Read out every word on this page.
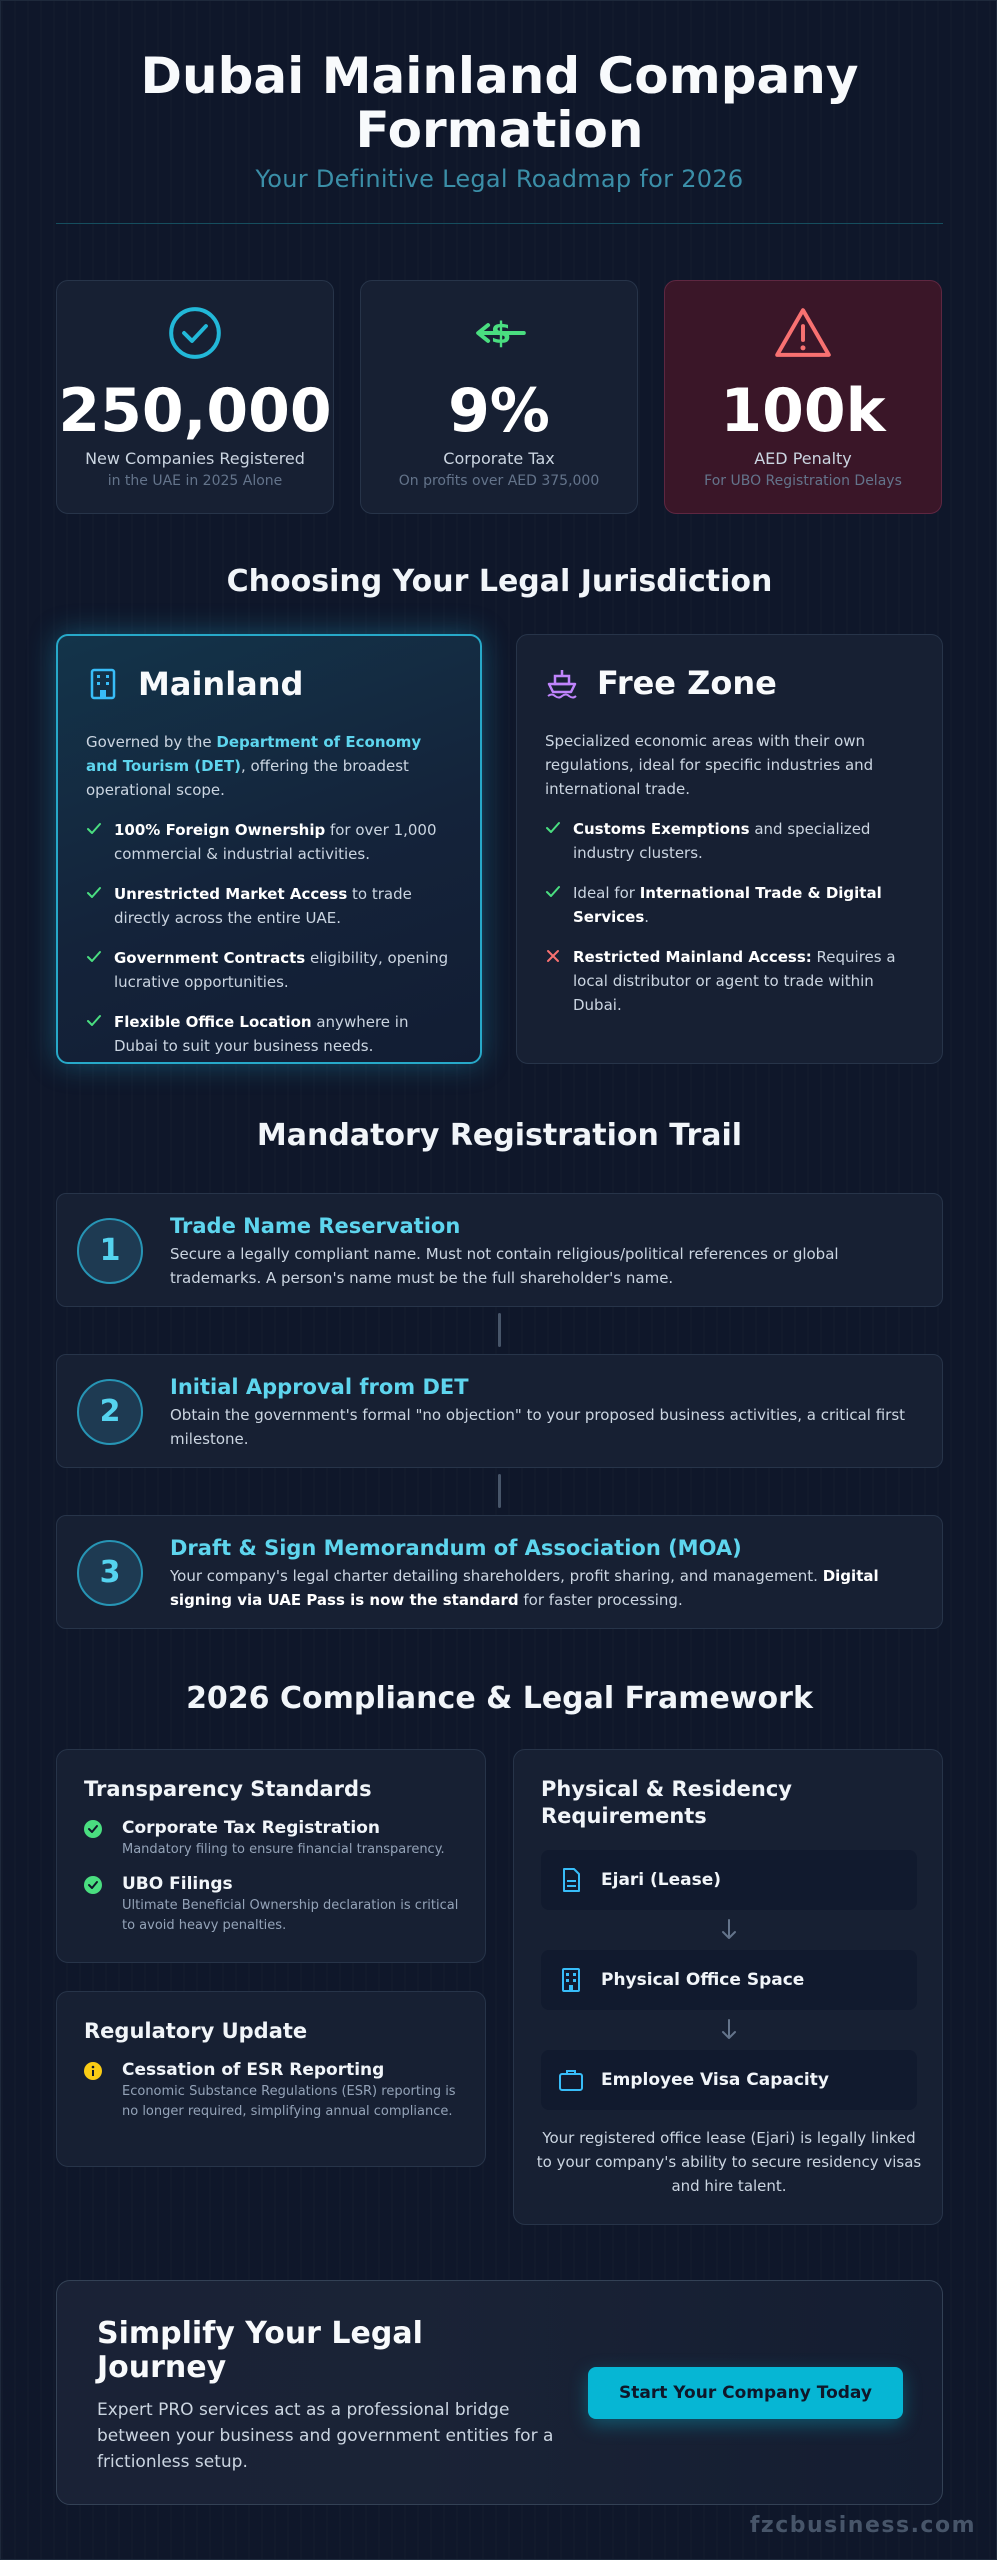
Dubai Mainland Company Formation
Your Definitive Legal Roadmap for 2026
250,000
New Companies Registered
in the UAE in 2025 Alone
$
9%
Corporate Tax
On profits over AED 375,000
100k
AED Penalty
For UBO Registration Delays
Choosing Your Legal Jurisdiction
Mainland
Governed by the Department of Economy and Tourism (DET), offering the broadest operational scope.
100% Foreign Ownership for over 1,000 commercial & industrial activities.
Unrestricted Market Access to trade directly across the entire UAE.
Government Contracts eligibility, opening lucrative opportunities.
Flexible Office Location anywhere in Dubai to suit your business needs.
Free Zone
Specialized economic areas with their own regulations, ideal for specific industries and international trade.
Customs Exemptions and specialized industry clusters.
Ideal for International Trade & Digital Services.
Restricted Mainland Access: Requires a local distributor or agent to trade within Dubai.
Mandatory Registration Trail
1
Trade Name Reservation
Secure a legally compliant name. Must not contain religious/political references or global trademarks. A person's name must be the full shareholder's name.
2
Initial Approval from DET
Obtain the government's formal "no objection" to your proposed business activities, a critical first milestone.
3
Draft & Sign Memorandum of Association (MOA)
Your company's legal charter detailing shareholders, profit sharing, and management. Digital signing via UAE Pass is now the standard for faster processing.
2026 Compliance & Legal Framework
Transparency Standards
Corporate Tax Registration
Mandatory filing to ensure financial transparency.
UBO Filings
Ultimate Beneficial Ownership declaration is critical to avoid heavy penalties.
Regulatory Update
Cessation of ESR Reporting
Economic Substance Regulations (ESR) reporting is no longer required, simplifying annual compliance.
Physical & Residency Requirements
Ejari (Lease)
Physical Office Space
Employee Visa Capacity
Your registered office lease (Ejari) is legally linked to your company's ability to secure residency visas and hire talent.
Simplify Your Legal Journey
Expert PRO services act as a professional bridge between your business and government entities for a frictionless setup.
Start Your Company Today
fzcbusiness.com
